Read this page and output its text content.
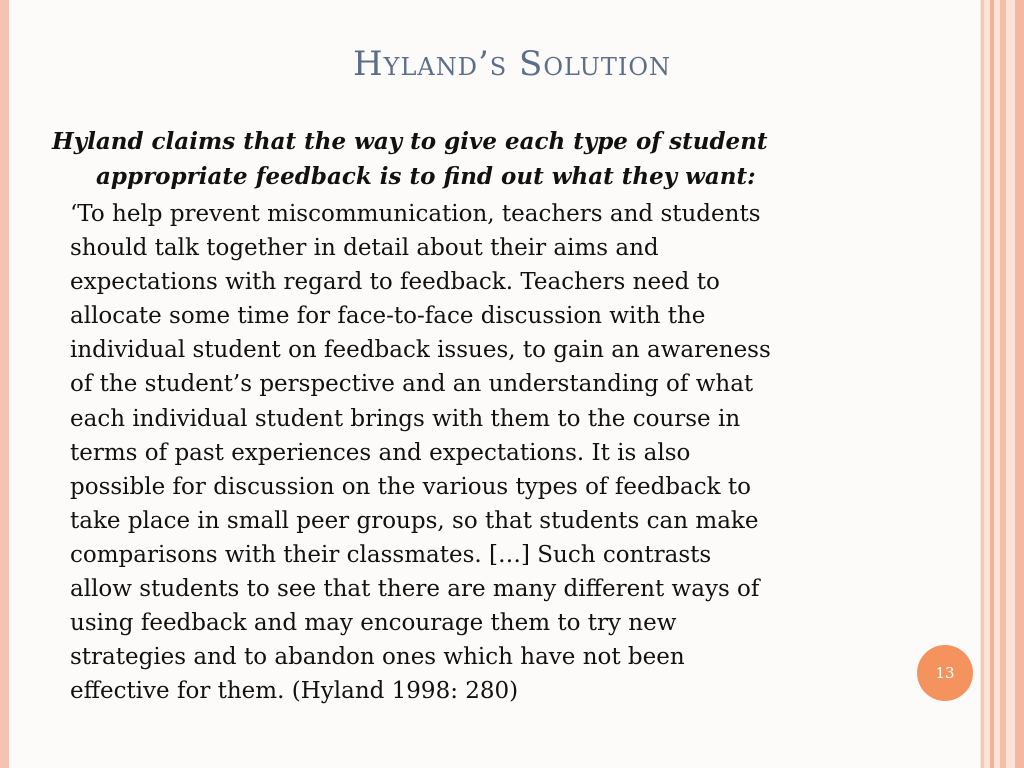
Hyland’s Solution
Hyland claims that the way to give each type of student
appropriate feedback is to find out what they want:
‘To help prevent miscommunication, teachers and students
should talk together in detail about their aims and
expectations with regard to feedback. Teachers need to
allocate some time for face-to-face discussion with the
individual student on feedback issues, to gain an awareness
of the student’s perspective and an understanding of what
each individual student brings with them to the course in
terms of past experiences and expectations. It is also
possible for discussion on the various types of feedback to
take place in small peer groups, so that students can make
comparisons with their classmates. […] Such contrasts
allow students to see that there are many different ways of
using feedback and may encourage them to try new
strategies and to abandon ones which have not been
effective for them. (Hyland 1998: 280)
13
